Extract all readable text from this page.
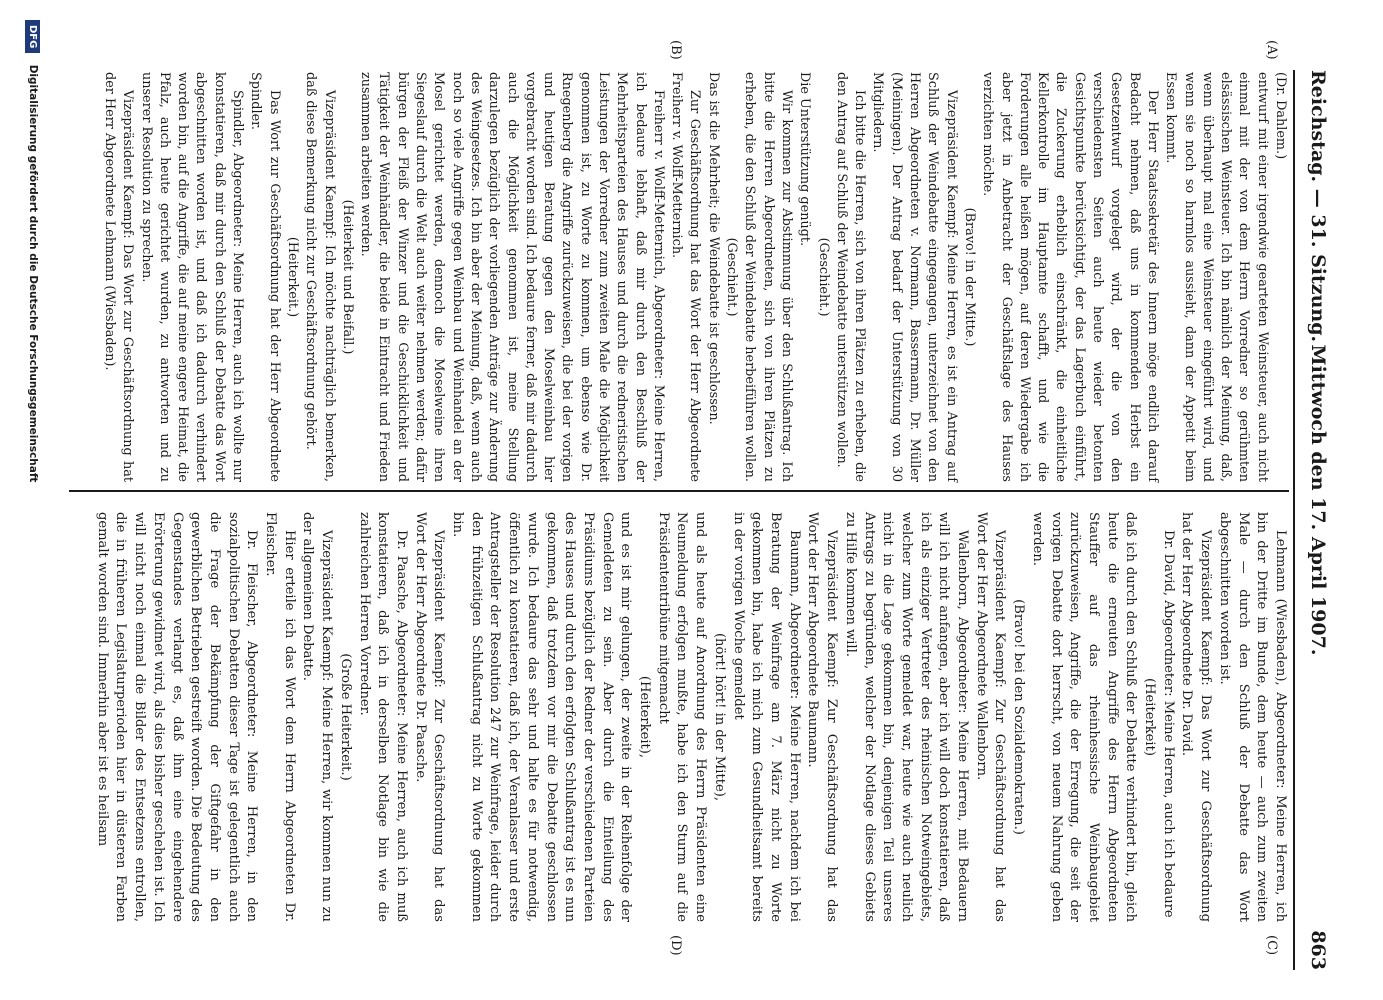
Reichstag. — 31. Sitzung.
Mittwoch den 17. April 1907.
863
(A)
(B)
(C)
(D)

(Dr. Dahlem.)

entwurf mit einer irgendwie gearteten Weinsteuer, auch nicht einmal mit der von dem Herrn Vorredner so gerühmten elsässischen Weinsteuer. Ich bin nämlich der Meinung, daß, wenn überhaupt mal eine Weinsteuer eingeführt wird, und wenn sie noch so harmlos aussieht, dann der Appetit beim Essen kommt.

Der Herr Staatssekretär des Innern möge endlich darauf Bedacht nehmen, daß uns in kommenden Herbst ein Gesetzentwurf vorgelegt wird, der die von den verschiedensten Seiten auch heute wieder betonten Gesichtspunkte berücksichtigt, der das Lagerbuch einführt, die Zuckerung erheblich einschränkt, die einheitliche Kellerkontrolle im Hauptamte schafft, und wie die Forderungen alle heißen mögen, auf deren Wiedergabe ich aber jetzt in Anbetracht der Geschäftslage des Hauses verzichten möchte.

(Bravo! in der Mitte.)

Vizepräsident Kaempf: Meine Herren, es ist ein Antrag auf Schluß der Weindebatte eingegangen, unterzeichnet von den Herren Abgeordneten v. Normann, Bassermann, Dr. Müller (Meiningen). Der Antrag bedarf der Unterstützung von 30 Mitgliedern.

Ich bitte die Herren, sich von ihren Plätzen zu erheben, die den Antrag auf Schluß der Weindebatte unterstützen wollen.

(Geschieht.)

Die Unterstützung genügt.

Wir kommen zur Abstimmung über den Schlußantrag. Ich bitte die Herren Abgeordneten, sich von ihren Plätzen zu erheben, die den Schluß der Weindebatte herbeiführen wollen.

(Geschieht.)

Das ist die Mehrheit; die Weindebatte ist geschlossen.

Zur Geschäftsordnung hat das Wort der Herr Abgeordnete Freiherr v. Wolff-Metternich.

Freiherr v. Wolff-Metternich, Abgeordneter: Meine Herren, ich bedaure lebhaft, daß mir durch den Beschluß der Mehrheitsparteien des Hauses und durch die redneristischen Leistungen der Vorredner zum zweiten Male die Möglichkeit genommen ist, zu Worte zu kommen, um ebenso wie Dr. Rnegenberg die Angriffe zurückzuweisen, die bei der vorigen und heutigen Beratung gegen den Moselweinbau hier vorgebracht worden sind. Ich bedaure ferner, daß mir dadurch auch die Möglichkeit genommen ist, meine Stellung darzulegen bezüglich der vorliegenden Anträge zur Änderung des Weingesetzes. Ich bin aber der Meinung, daß, wenn auch noch so viele Angriffe gegen Weinbau und Weinhandel an der Mosel gerichtet werden, dennoch die Moselweine ihren Siegeslauf durch die Welt auch weiter nehmen werden; dafür bürgen der Fleiß der Winzer und die Geschicklichkeit und Tätigkeit der Weinhändler, die beide in Eintracht und Frieden zusammen arbeiten werden.

(Heiterkeit und Beifall.)

Vizepräsident Kaempf: Ich möchte nachträglich bemerken, daß diese Bemerkung nicht zur Geschäftsordnung gehört.

(Heiterkeit.)

Das Wort zur Geschäftsordnung hat der Herr Abgeordnete Spindler.

Spindler, Abgeordneter: Meine Herren, auch ich wollte nur konstatieren, daß mir durch den Schluß der Debatte das Wort abgeschnitten worden ist, und daß ich dadurch verhindert worden bin, auf die Angriffe, die auf meine engere Heimat, die Pfalz, auch heute gerichtet wurden, zu antworten und zu unserer Resolution zu sprechen.

Vizepräsident Kaempf: Das Wort zur Geschäftsordnung hat der Herr Abgeordnete Lehmann (Wiesbaden).

Lehmann (Wiesbaden), Abgeordneter: Meine Herren, ich bin der Dritte im Bunde, dem heute — auch zum zweiten Male — durch den Schluß der Debatte das Wort abgeschnitten worden ist.

Vizepräsident Kaempf: Das Wort zur Geschäftsordnung hat der Herr Abgeordnete Dr. David.

Dr. David, Abgeordneter: Meine Herren, auch ich bedaure

(Heiterkeit)

daß ich durch den Schluß der Debatte verhindert bin, gleich heute die erneuten Angriffe des Herrn Abgeordneten Stauffer auf das rheinhessische Weinbaugebiet zurückzuweisen, Angriffe, die der Erregung, die seit der vorigen Debatte dort herrscht, von neuem Nahrung geben werden.

(Bravo! bei den Sozialdemokraten.)

Vizepräsident Kaempf: Zur Geschäftsordnung hat das Wort der Herr Abgeordnete Wallenborn.

Wallenborn, Abgeordneter: Meine Herren, mit Bedauern will ich nicht anfangen, aber ich will doch konstatieren, daß ich als einziger Vertreter des rheinischen Notweingebiets, welcher zum Worte gemeldet war, heute wie auch neulich nicht in die Lage gekommen bin, denjenigen Teil unseres Antrags zu begründen, welcher der Notlage dieses Gebiets zu Hilfe kommen will.

Vizepräsident Kaempf: Zur Geschäftsordnung hat das Wort der Herr Abgeordnete Baumann.

Baumann, Abgeordneter: Meine Herren, nachdem ich bei Beratung der Weinfrage am 7. März nicht zu Worte gekommen bin, habe ich mich zum Gesundheitsamt bereits in der vorigen Woche gemeldet

(hört! hört! in der Mitte),

und als heute auf Anordnung des Herrn Präsidenten eine Neumeldung erfolgen mußte, habe ich den Sturm auf die Präsidententribüne mitgemacht

(Heiterkeit),

und es ist mir gelungen, der zweite in der Reihenfolge der Gemeldeten zu sein. Aber durch die Einteilung des Präsidiums bezüglich der Redner der verschiedenen Parteien des Hauses und durch den erfolgten Schlußantrag ist es nun gekommen, daß trotzdem vor mir die Debatte geschlossen wurde. Ich bedaure das sehr und halte es für notwendig, öffentlich zu konstatieren, daß ich, der Veranlasser und erste Antragsteller der Resolution 247 zur Weinfrage, leider durch den frühzeitigen Schlußantrag nicht zu Worte gekommen bin.

Vizepräsident Kaempf: Zur Geschäftsordnung hat das Wort der Herr Abgeordnete Dr. Paasche.

Dr. Paasche, Abgeordneter: Meine Herren, auch ich muß konstatieren, daß ich in derselben Notlage bin wie die zahlreichen Herren Vorredner.

(Große Heiterkeit.)

Vizepräsident Kaempf: Meine Herren, wir kommen nun zu der allgemeinen Debatte.

Hier erteile ich das Wort dem Herrn Abgeordneten Dr. Fleischer.

Dr. Fleischer, Abgeordneter: Meine Herren, in den sozialpolitischen Debatten dieser Tage ist gelegentlich auch die Frage der Bekämpfung der Giftgefahr in den gewerblichen Betrieben gestreift worden. Die Bedeutung des Gegenstandes verlangt es, daß ihm eine eingehendere Erörterung gewidmet wird, als dies bisher geschehen ist. Ich will nicht noch einmal die Bilder des Entsetzens entrollen, die in früheren Legislaturperioden hier in düsteren Farben gemalt worden sind. Immerhin aber ist es heilsam

DFG Digitalisierung gefördert durch die Deutsche Forschungsgemeinschaft
